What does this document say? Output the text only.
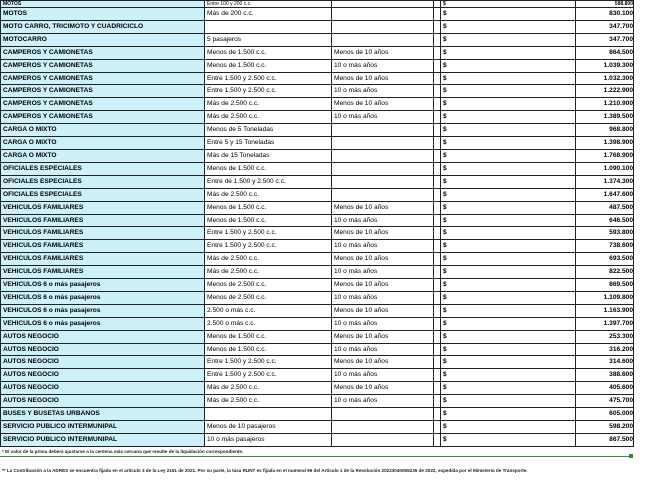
MOTOS	Entre 100 y 200 c.c.			$	588.800
MOTOS	Más de 200 c.c.			$	830.100
MOTO CARRO, TRICIMOTO Y CUADRICICLO				$	347.700
MOTOCARRO	5 pasajeros			$	347.700
CAMPEROS Y CAMIONETAS	Menos de 1.500 c.c.	Menos de 10 años		$	864.500
CAMPEROS Y CAMIONETAS	Menos de 1.500 c.c.	10 o más años		$	1.039.300
CAMPEROS Y CAMIONETAS	Entre 1.500 y 2.500 c.c.	Menos de 10 años		$	1.032.300
CAMPEROS Y CAMIONETAS	Entre 1.500 y 2.500 c.c.	10 o más años		$	1.222.900
CAMPEROS Y CAMIONETAS	Más de 2.500 c.c.	Menos de 10 años		$	1.210.900
CAMPEROS Y CAMIONETAS	Más de 2.500 c.c.	10 o más años		$	1.389.500
CARGA O MIXTO	Menos de 5 Toneladas			$	968.800
CARGA O MIXTO	Entre 5 y 15 Toneladas			$	1.398.900
CARGA O MIXTO	Más de 15 Toneladas			$	1.768.900
OFICIALES ESPECIALES	Menos de 1.500 c.c.			$	1.090.100
OFICIALES ESPECIALES	Entre de 1.500 y 2.500 c.c.			$	1.374.300
OFICIALES ESPECIALES	Más de 2.500 c.c.			$	1.647.600
VEHICULOS FAMILIARES	Menos de 1.500 c.c.	Menos de 10 años		$	487.500
VEHICULOS FAMILIARES	Menos de 1.500 c.c.	10 o más años		$	646.500
VEHICULOS FAMILIARES	Entre 1.500 y 2.500 c.c.	Menos de 10 años		$	593.800
VEHICULOS FAMILIARES	Entre 1.500 y 2.500 c.c.	10 o más años		$	738.600
VEHICULOS FAMILIARES	Más de 2.500 c.c.	Menos de 10 años		$	693.500
VEHICULOS FAMILIARES	Más de 2.500 c.c.	10 o más años		$	822.500
VEHICULOS 6 o más pasajeros	Menos de 2.500 c.c.	Menos de 10 años		$	869.500
VEHICULOS 6 o más pasajeros	Menos de 2.500 c.c.	10 o más años		$	1.109.800
VEHICULOS 6 o más pasajeros	2.500 o más c.c.	Menos de 10 años		$	1.163.900
VEHICULOS 6 o más pasajeros	2.500 o más c.c.	10 o más años		$	1.397.700
AUTOS NEGOCIO	Menos de 1.500 c.c.	Menos de 10 años		$	253.300
AUTOS NEGOCIO	Menos de 1.500 c.c.	10 o más años		$	316.200
AUTOS NEGOCIO	Entre 1.500 y 2.500 c.c.	Menos de 10 años		$	314.600
AUTOS NEGOCIO	Entre 1.500 y 2.500 c.c.	10 o más años		$	388.600
AUTOS NEGOCIO	Más de 2.500 c.c.	Menos de 10 años		$	405.600
AUTOS NEGOCIO	Más de 2.500 c.c.	10 o más años		$	475.700
BUSES Y BUSETAS URBANOS				$	605.000
SERVICIO PUBLICO INTERMUNIPAL	Menos de 10 pasajeros			$	598.200
SERVICIO PUBLICO INTERMUNIPAL	10 o más pasajeros			$	867.500
* El valor de la prima deberá ajustarse a la centena más cercana que resulte de la liquidación correspondiente.
** La Contribución a la ADRES se encuentra fijada en el artículo 3 de la Ley 2161 de 2021. Por su parte, la tasa RUNT es fijada en el numeral 96 del Artículo 1 de la Resolución 20223040055235 de 2022, expedida por el Ministerio de Transporte.
